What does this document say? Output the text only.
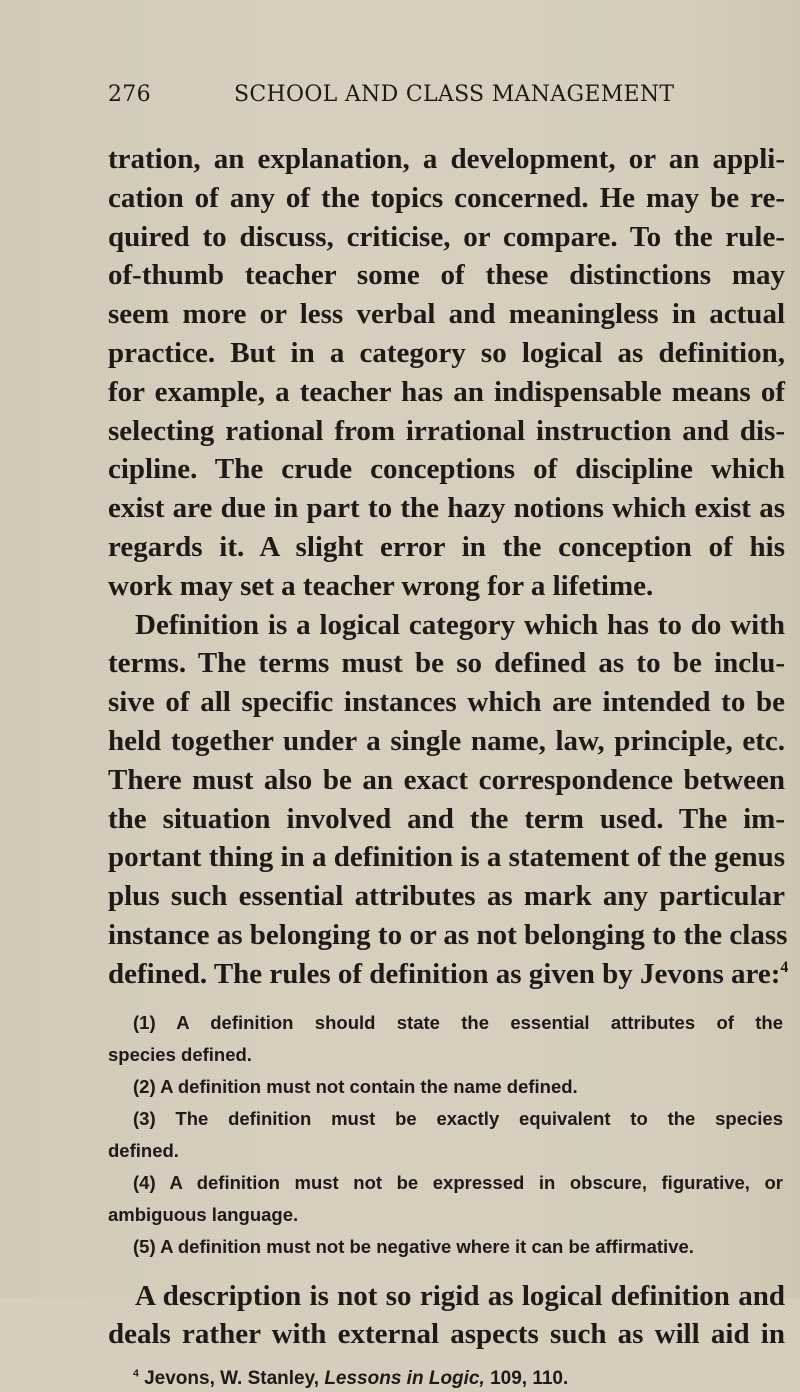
276	SCHOOL AND CLASS MANAGEMENT
tration, an explanation, a development, or an appli-
cation of any of the topics concerned. He may be re-
quired to discuss, criticise, or compare. To the rule-
of-thumb teacher some of these distinctions may
seem more or less verbal and meaningless in actual
practice. But in a category so logical as definition,
for example, a teacher has an indispensable means of
selecting rational from irrational instruction and dis-
cipline. The crude conceptions of discipline which
exist are due in part to the hazy notions which exist as
regards it. A slight error in the conception of his
work may set a teacher wrong for a lifetime.
Definition is a logical category which has to do with
terms. The terms must be so defined as to be inclu-
sive of all specific instances which are intended to be
held together under a single name, law, principle, etc.
There must also be an exact correspondence between
the situation involved and the term used. The im-
portant thing in a definition is a statement of the genus
plus such essential attributes as mark any particular
instance as belonging to or as not belonging to the class
defined. The rules of definition as given by Jevons are:$^4$
(1) A definition should state the essential attributes of the
species defined.
(2) A definition must not contain the name defined.
(3) The definition must be exactly equivalent to the species
defined.
(4) A definition must not be expressed in obscure, figurative, or
ambiguous language.
(5) A definition must not be negative where it can be affirmative.
A description is not so rigid as logical definition and
deals rather with external aspects such as will aid in
$^4$ Jevons, W. Stanley, Lessons in Logic, 109, 110.
